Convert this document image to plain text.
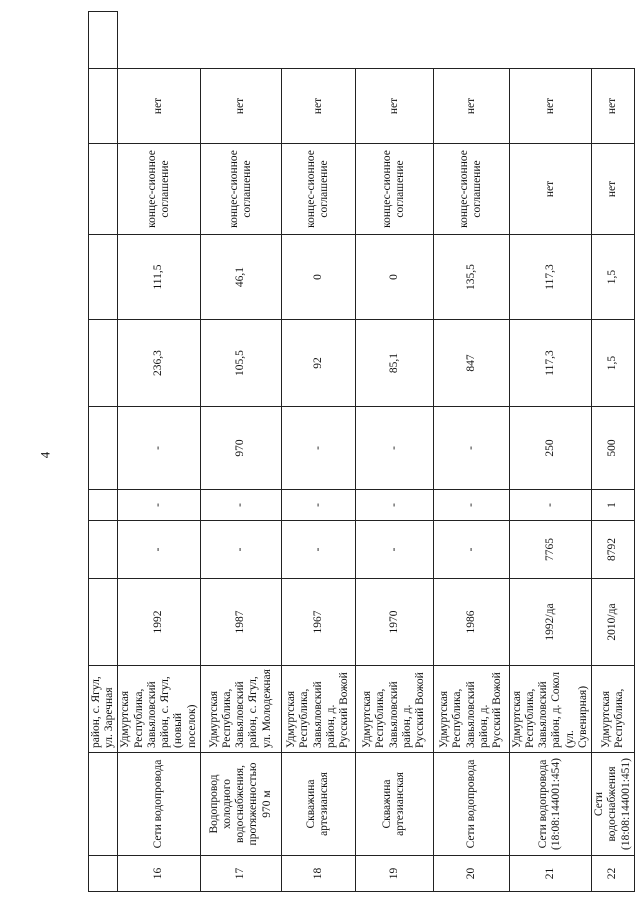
4
		район, с. Ягул, ул. Заречная									
16	Сети водопровода	Удмуртская Республика, Завьяловский район, с. Ягул, (новый поселок)	1992	-	-	-	236,3	111,5	концес-сионное соглашение	нет	
17	Водопровод холодного водоснабжения, протяженностью 970 м	Удмуртская Республика, Завьяловский район, с. Ягул, ул. Молодежная	1987	-	-	970	105,5	46,1	концес-сионное соглашение	нет	
18	Скважина артезианская	Удмуртская Республика, Завьяловский район, д. Русский Вожой	1967	-	-	-	92	0	концес-сионное соглашение	нет	
19	Скважина артезианская	Удмуртская Республика, Завьяловский район, д. Русский Вожой	1970	-	-	-	85,1	0	концес-сионное соглашение	нет	
20	Сети водопровода	Удмуртская Республика, Завьяловский район, д. Русский Вожой	1986	-	-	-	847	135,5	концес-сионное соглашение	нет	
21	Сети водопровода (18:08:144001:454)	Удмуртская Республика, Завьяловский район, д. Сокол (ул. Сувенирная)	1992/да	7765	-	250	117,3	117,3	нет	нет	
22	Сети водоснабжения (18:08:144001:451)	Удмуртская Республика,	2010/да	8792	1	500	1,5	1,5	нет	нет	
